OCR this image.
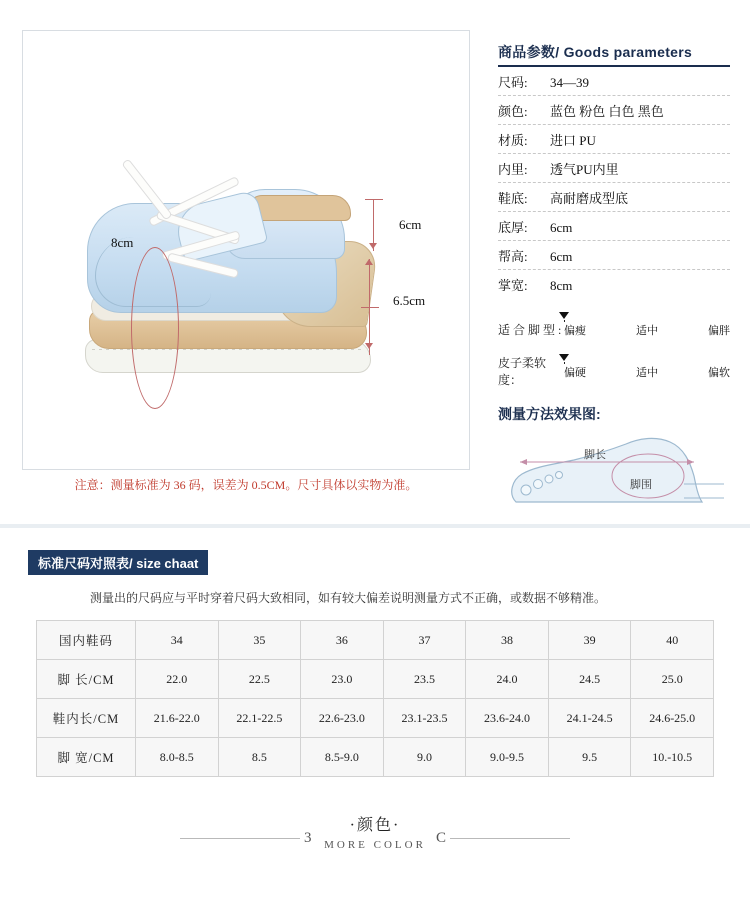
6cm
6.5cm
8cm
注意：测量标准为 36 码，误差为 0.5CM。尺寸具体以实物为准。
商品参数/ Goods parameters
尺码:	34—39
颜色:	蓝色 粉色 白色 黑色
材质:	进口 PU
内里:	透气PU内里
鞋底:	高耐磨成型底
底厚:	6cm
帮高:	6cm
掌宽:	8cm
适 合 脚 型 : 偏瘦	适中	偏胖
皮子柔软度：	偏硬	适中	偏软
测量方法效果图:
脚长
脚围
标准尺码对照表/ size chaat
测量出的尺码应与平时穿着尺码大致相同，如有较大偏差说明测量方式不正确，或数据不够精准。
国内鞋码	34	35	36	37	38	39	40
脚 长/CM	22.0	22.5	23.0	23.5	24.0	24.5	25.0
鞋内长/CM	21.6-22.0	22.1-22.5	22.6-23.0	23.1-23.5	23.6-24.0	24.1-24.5	24.6-25.0
脚 宽/CM	8.0-8.5	8.5	8.5-9.0	9.0	9.0-9.5	9.5	10.-10.5
3	C
·颜色·
MORE COLOR
